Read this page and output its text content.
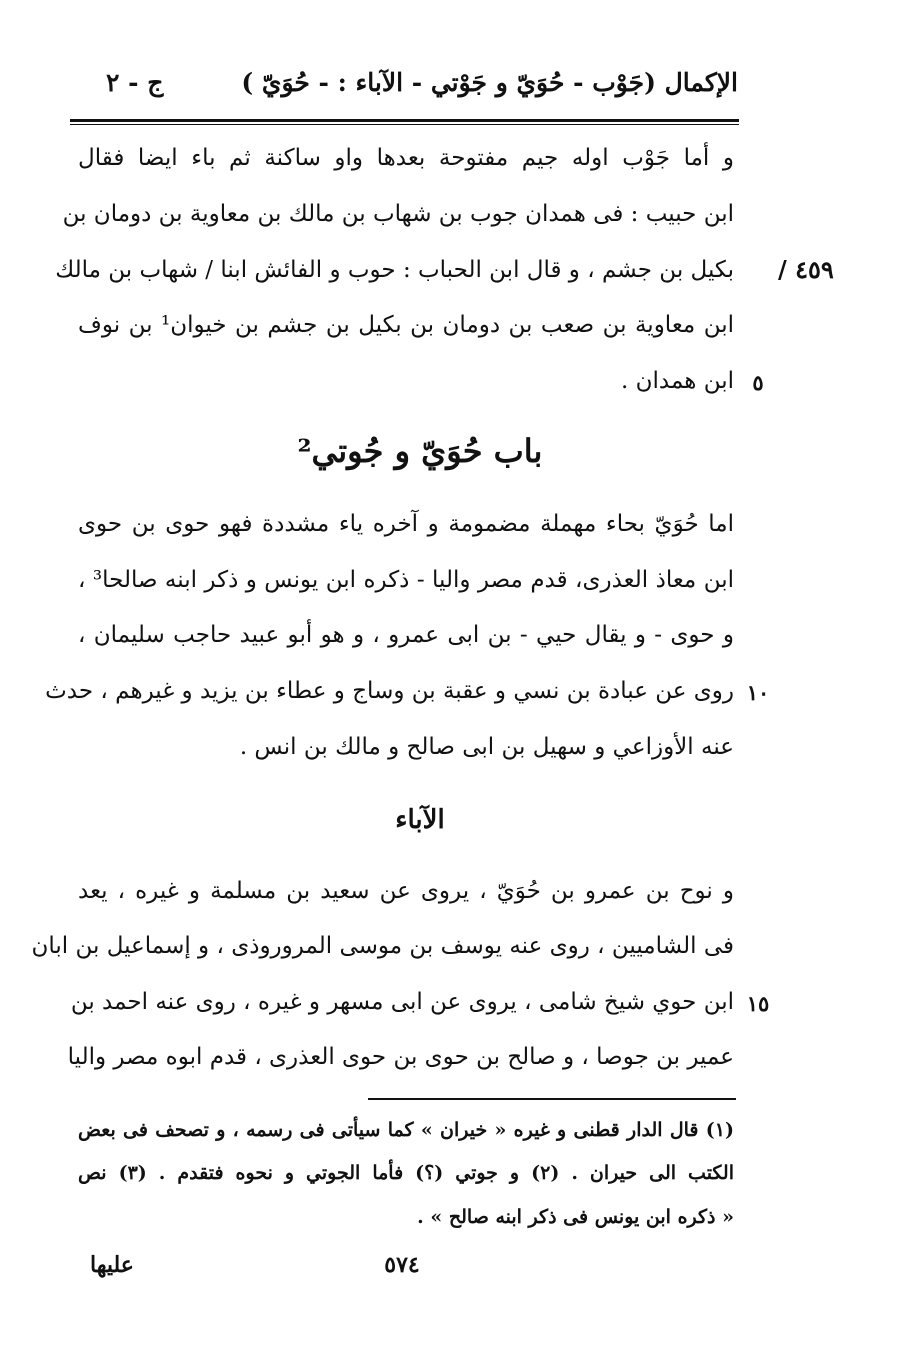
الإكمال (جَوْب - حُوَيّ و جَوْتي - الآباء : - حُوَيّ )
ج - ٢
٤٥٩ /
و أما جَوْب اوله جيم مفتوحة بعدها واو ساكنة ثم باء ايضا فقال
ابن حبيب : فى همدان جوب بن شهاب بن مالك بن معاوية بن دومان بن
بكيل بن جشم ، و قال ابن الحباب : حوب و الفائش ابنا / شهاب بن مالك
ابن معاوية بن صعب بن دومان بن بكيل بن جشم بن خيوان¹ بن نوف
ابن همدان . ٥
باب حُوَيّ و جُوتي²
اما حُوَيّ بحاء مهملة مضمومة و آخره ياء مشددة فهو حوى بن حوى
ابن معاذ العذرى، قدم مصر واليا - ذكره ابن يونس و ذكر ابنه صالحا³ ،
و حوى - و يقال حيي - بن ابى عمرو ، و هو أبو عبيد حاجب سليمان ،
روى عن عبادة بن نسي و عقبة بن وساج و عطاء بن يزيد و غيرهم ، حدث ١٠
عنه الأوزاعي و سهيل بن ابى صالح و مالك بن انس .
الآباء
و نوح بن عمرو بن حُوَيّ ، يروى عن سعيد بن مسلمة و غيره ، يعد
فى الشاميين ، روى عنه يوسف بن موسى المروروذى ، و إسماعيل بن ابان
ابن حوي شيخ شامى ، يروى عن ابى مسهر و غيره ، روى عنه احمد بن ١٥
عمير بن جوصا ، و صالح بن حوى بن حوى العذرى ، قدم ابوه مصر واليا
(١) قال الدار قطنى و غيره « خيران » كما سيأتى فى رسمه ، و تصحف فى بعض
الكتب الى حيران . (٢) و جوتي (؟) فأما الجوتي و نحوه فتقدم . (٣) نص
« ذكره ابن يونس فى ذكر ابنه صالح » .
عليها	٥٧٤
